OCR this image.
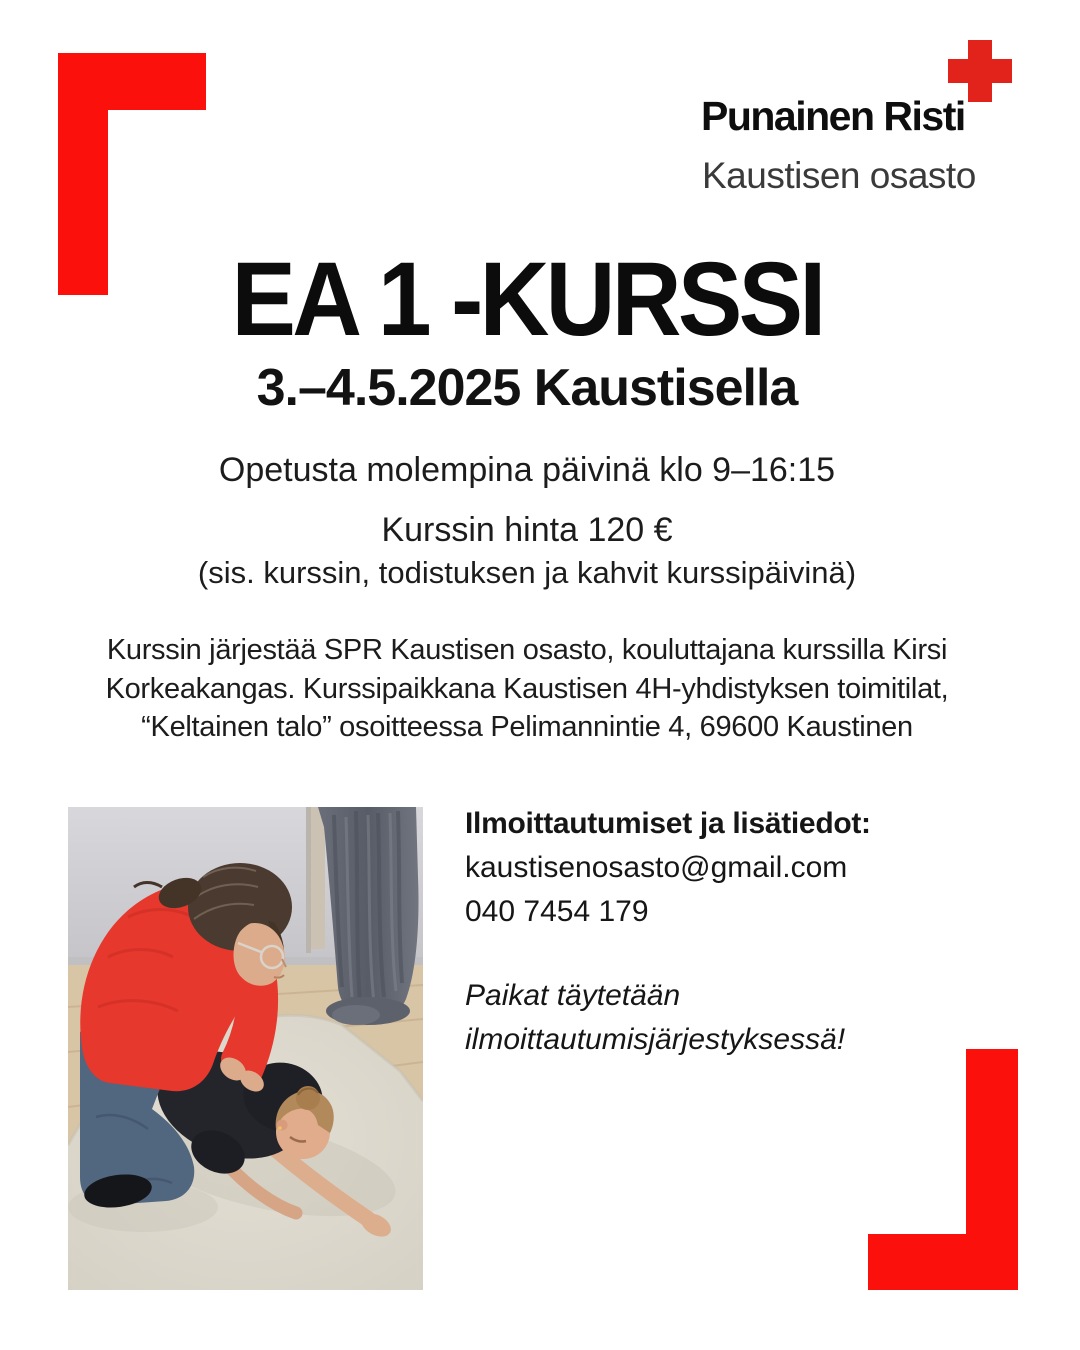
Punainen Risti
Kaustisen osasto
EA 1 -KURSSI
3.–4.5.2025 Kaustisella

Opetusta molempina päivinä klo 9–16:15

Kurssin hinta 120 €

(sis. kurssin, todistuksen ja kahvit kurssipäivinä)

Kurssin järjestää SPR Kaustisen osasto, kouluttajana kurssilla Kirsi
Korkeakangas. Kurssipaikkana Kaustisen 4H-yhdistyksen toimitilat,
“Keltainen talo” osoitteessa Pelimannintie 4, 69600 Kaustinen
Ilmoittautumiset ja lisätiedot:
kaustisenosasto@gmail.com
040 7454 179
Paikat täytetään
ilmoittautumisjärjestyksessä!
